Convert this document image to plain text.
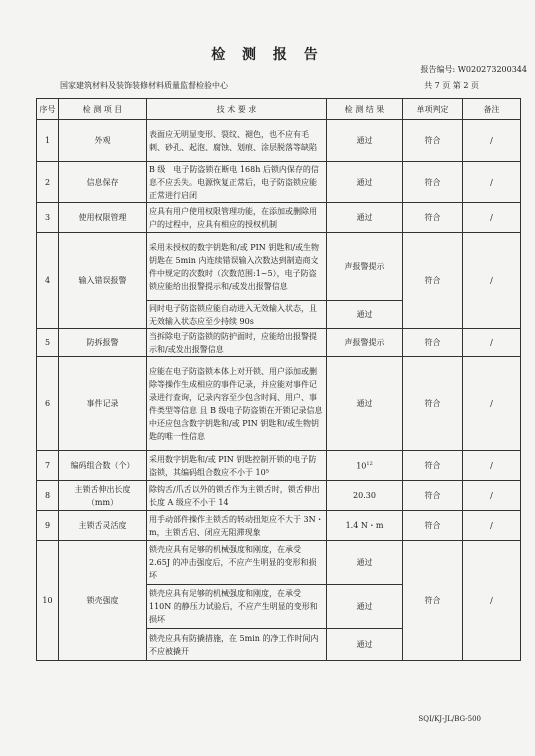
检 测 报 告
报告编号: W020273200344
国家建筑材料及装饰装修材料质量监督检验中心	共 7 页 第 2 页
序号	检 测 项 目	技 术 要 求	检 测 结 果	单项判定	备注
1	外观	表面应无明显变形、裂纹、褪色，也不应有毛刺、砂孔、起泡、腐蚀、划痕、涂层脱落等缺陷	通过	符合	/
2	信息保存	B 级　电子防盗锁在断电 168h 后锁内保存的信息不应丢失。电源恢复正常后，电子防盗锁应能正常进行启闭	通过	符合	/
3	使用权限管理	应具有用户使用权限管理功能，在添加或删除用户的过程中，应具有相应的授权机制	通过	符合	/
4	输入错误报警	采用未授权的数字钥匙和/或 PIN 钥匙和/或生物钥匙在 5min 内连续错误输入次数达到制造商文件中规定的次数时（次数范围:1~5），电子防盗锁应能给出报警提示和/或发出报警信息	声报警提示	符合	/
		同时电子防盗锁应能自动进入无效输入状态，且无效输入状态应至少持续 90s	通过		
5	防拆报警	当拆除电子防盗锁的防护面时，应能给出报警提示和/或发出报警信息	声报警提示	符合	/
6	事件记录	应能在电子防盗锁本体上对开锁、用户添加或删除等操作生成相应的事件记录，并应能对事件记录进行查询，记录内容至少包含时间、用户、事件类型等信息 且 B 级电子防盗锁在开锁记录信息中还应包含数字钥匙和/或 PIN 钥匙和/或生物钥匙的唯一性信息	通过	符合	/
7	编码组合数（个）	采用数字钥匙和/或 PIN 钥匙控制开锁的电子防盗锁，其编码组合数应不小于 10⁵	$10^{12}$	符合	/
8	主锁舌伸出长度（mm）	除钩舌/爪舌以外的锁舌作为主锁舌时，锁舌伸出长度 A 级应不小于 14	20.30	符合	/
9	主锁舌灵活度	用手动部件操作主锁舌的转动扭矩应不大于 3N・m，主锁舌启、闭应无阻滞现象	1.4 N・m	符合	/
10	锁壳强度	锁壳应具有足够的机械强度和刚度，在承受 2.65J 的冲击强度后，不应产生明显的变形和损坏	通过	符合	/
		锁壳应具有足够的机械强度和刚度，在承受 110N 的静压力试验后，不应产生明显的变形和损坏	通过		
		锁壳应具有防撬措施，在 5min 的净工作时间内不应被撬开	通过		
SQI/KJ-JL/BG-500
